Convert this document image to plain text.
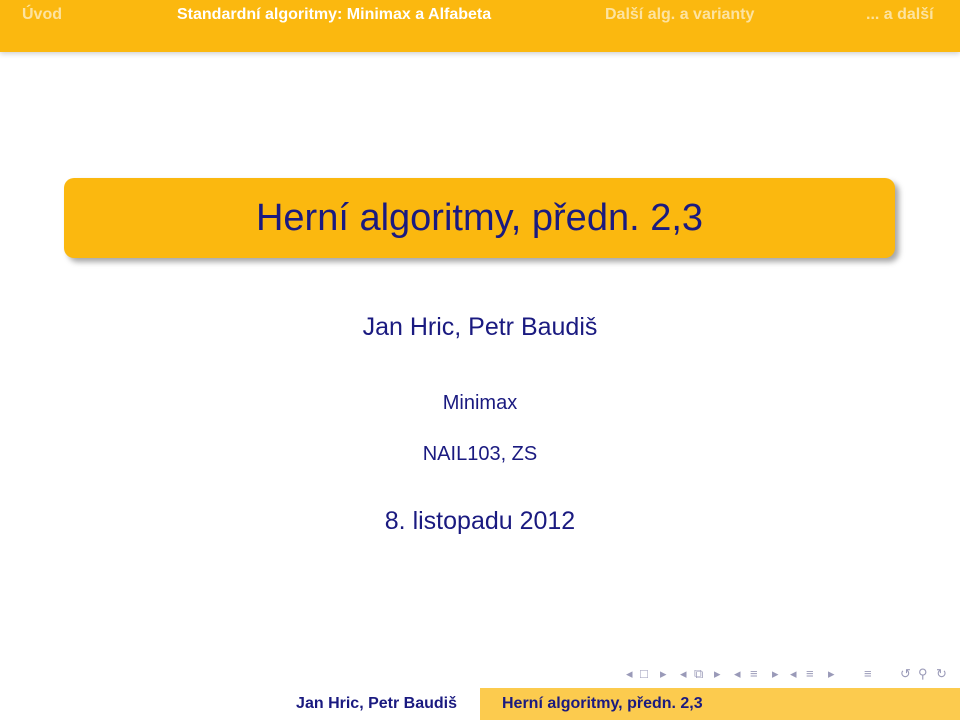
Úvod	Standardní algoritmy: Minimax a Alfabeta	Další alg. a varianty	... a další
Herní algoritmy, předn. 2,3
Jan Hric, Petr Baudiš
Minimax
NAIL103, ZS
8. listopadu 2012
◂ □ ▸ ◂ ⧉ ▸ ◂ ≡ ▸ ◂ ≡ ▸ ≡ ↺ ⚲ ↻
Jan Hric, Petr Baudiš	Herní algoritmy, předn. 2,3
